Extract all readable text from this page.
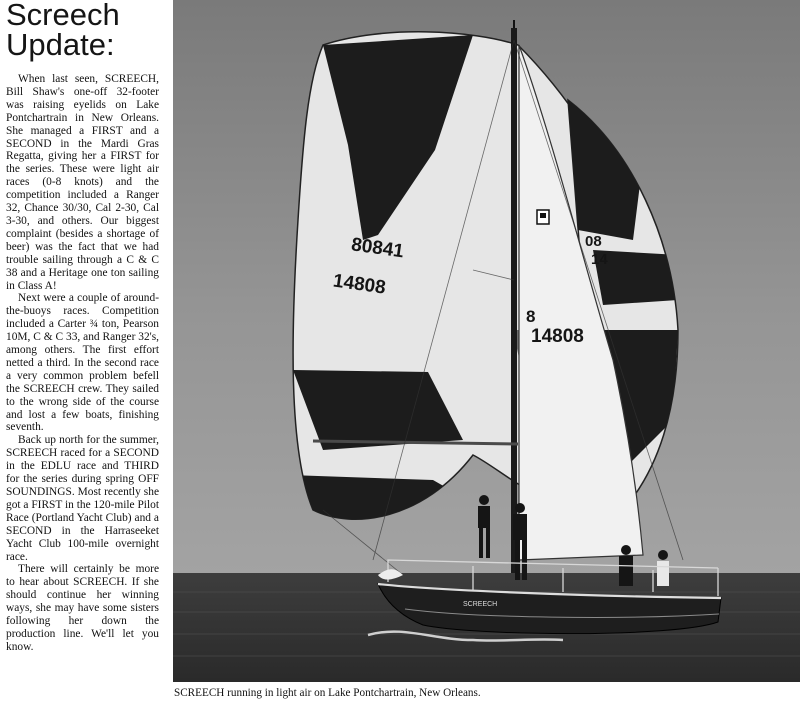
Screech
Update:

When last seen, SCREECH, Bill Shaw's one-off 32-footer was raising eyelids on Lake Pontchartrain in New Orleans. She managed a FIRST and a SECOND in the Mardi Gras Regatta, giving her a FIRST for the series. These were light air races (0-8 knots) and the competition included a Ranger 32, Chance 30/30, Cal 2-30, Cal 3-30, and others. Our biggest complaint (besides a shortage of beer) was the fact that we had trouble sailing through a C & C 38 and a Heritage one ton sailing in Class A!

Next were a couple of around-the-buoys races. Competition included a Carter ¾ ton, Pearson 10M, C & C 33, and Ranger 32's, among others. The first effort netted a third. In the second race a very common problem befell the SCREECH crew. They sailed to the wrong side of the course and lost a few boats, finishing seventh.

Back up north for the summer, SCREECH raced for a SECOND in the EDLU race and THIRD for the series during spring OFF SOUNDINGS. Most recently she got a FIRST in the 120-mile Pilot Race (Portland Yacht Club) and a SECOND in the Harraseeket Yacht Club 100-mile overnight race.

There will certainly be more to hear about SCREECH. If she should continue her winning ways, she may have some sisters following her down the production line. We'll let you know.

80841
14808
8
14808
08
14
SCREECH
SCREECH running in light air on Lake Pontchartrain, New Orleans.
